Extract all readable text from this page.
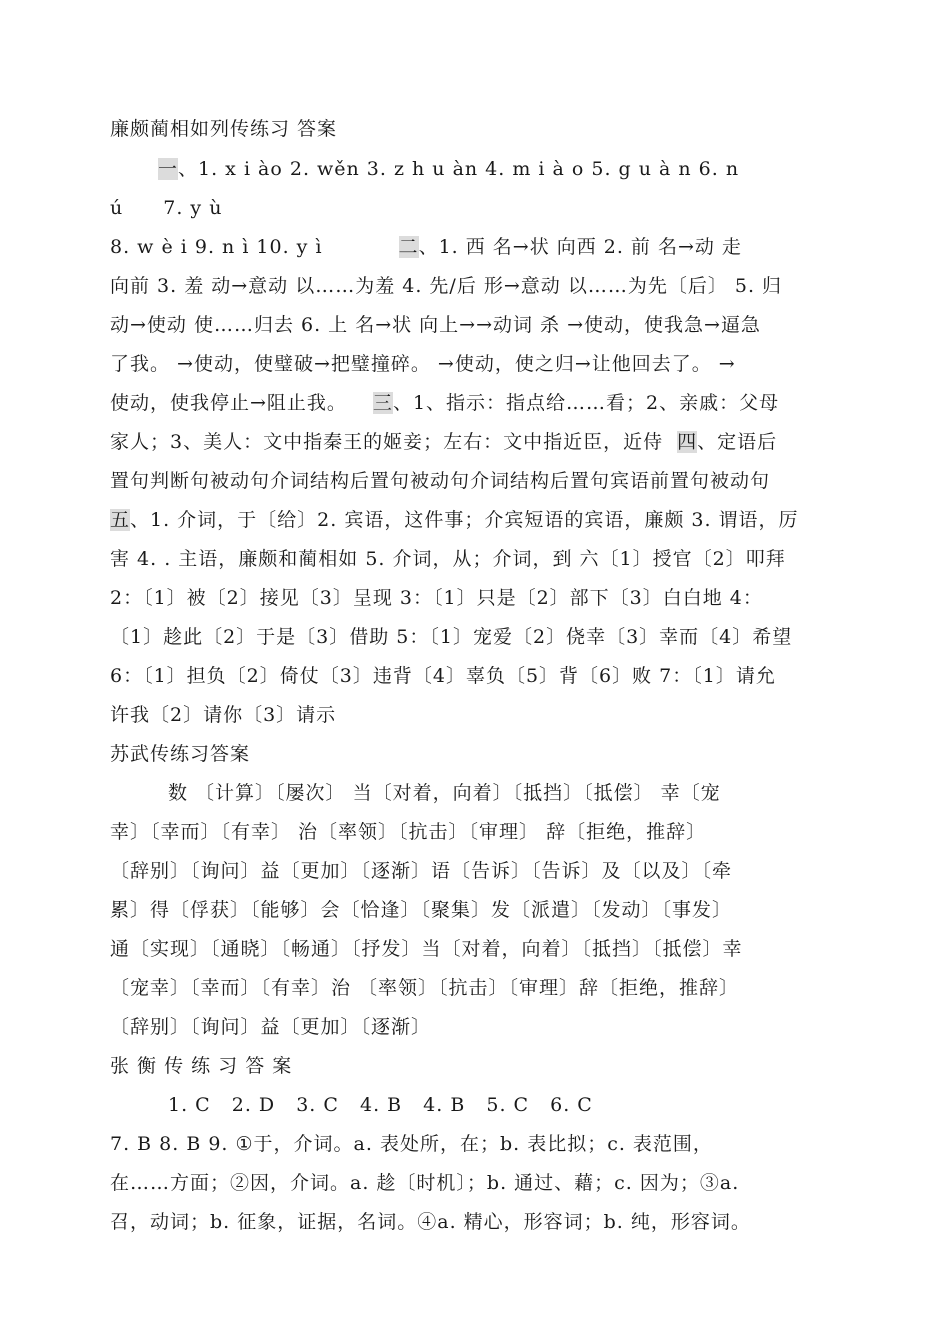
廉颇蔺相如列传练习 答案
一、1. x i ào 2. wěn 3. z h u àn 4. m i à o 5. g u à n 6. n
ú 7. y ù
8. w è i 9. n ì 10. y ì	二、1. 西 名→状 向西 2. 前 名→动 走
向前 3. 羞 动→意动 以……为羞 4. 先/后 形→意动 以……为先〔后〕 5. 归
动→使动 使……归去 6. 上 名→状 向上→→动词 杀 →使动，使我急→逼急
了我。 →使动，使璧破→把璧撞碎。 →使动，使之归→让他回去了。 →
使动，使我停止→阻止我。 三、1、指示：指点给……看；2、亲戚：父母
家人；3、美人：文中指秦王的姬妾；左右：文中指近臣，近侍 四、定语后
置句判断句被动句介词结构后置句被动句介词结构后置句宾语前置句被动句
五、1. 介词，于〔给〕2. 宾语，这件事；介宾短语的宾语，廉颇 3. 谓语，厉
害 4. . 主语，廉颇和蔺相如 5. 介词，从；介词，到 六〔1〕授官〔2〕叩拜
2：〔1〕被〔2〕接见〔3〕呈现 3：〔1〕只是〔2〕部下〔3〕白白地 4：
〔1〕趁此〔2〕于是〔3〕借助 5：〔1〕宠爱〔2〕侥幸〔3〕幸而〔4〕希望
6：〔1〕担负〔2〕倚仗〔3〕违背〔4〕辜负〔5〕背〔6〕败 7：〔1〕请允
许我〔2〕请你〔3〕请示
苏武传练习答案
数 〔计算〕〔屡次〕 当〔对着，向着〕〔抵挡〕〔抵偿〕 幸〔宠
幸〕〔幸而〕〔有幸〕 治〔率领〕〔抗击〕〔审理〕 辞〔拒绝，推辞〕
〔辞别〕〔询问〕益〔更加〕〔逐渐〕语〔告诉〕〔告诉〕及〔以及〕〔牵
累〕得〔俘获〕〔能够〕会〔恰逢〕〔聚集〕发〔派遣〕〔发动〕〔事发〕
通〔实现〕〔通晓〕〔畅通〕〔抒发〕当〔对着，向着〕〔抵挡〕〔抵偿〕幸
〔宠幸〕〔幸而〕〔有幸〕治 〔率领〕〔抗击〕〔审理〕辞〔拒绝，推辞〕
〔辞别〕〔询问〕益〔更加〕〔逐渐〕
张 衡 传 练 习 答 案
1. C 2. D 3. C 4. B 4. B 5. C 6. C
7. B 8. B 9. ①于，介词。a. 表处所，在；b. 表比拟；c. 表范围，
在……方面；②因，介词。a. 趁〔时机〕；b. 通过、藉；c. 因为；③a.
召，动词；b. 征象，证据，名词。④a. 精心，形容词；b. 纯，形容词。
